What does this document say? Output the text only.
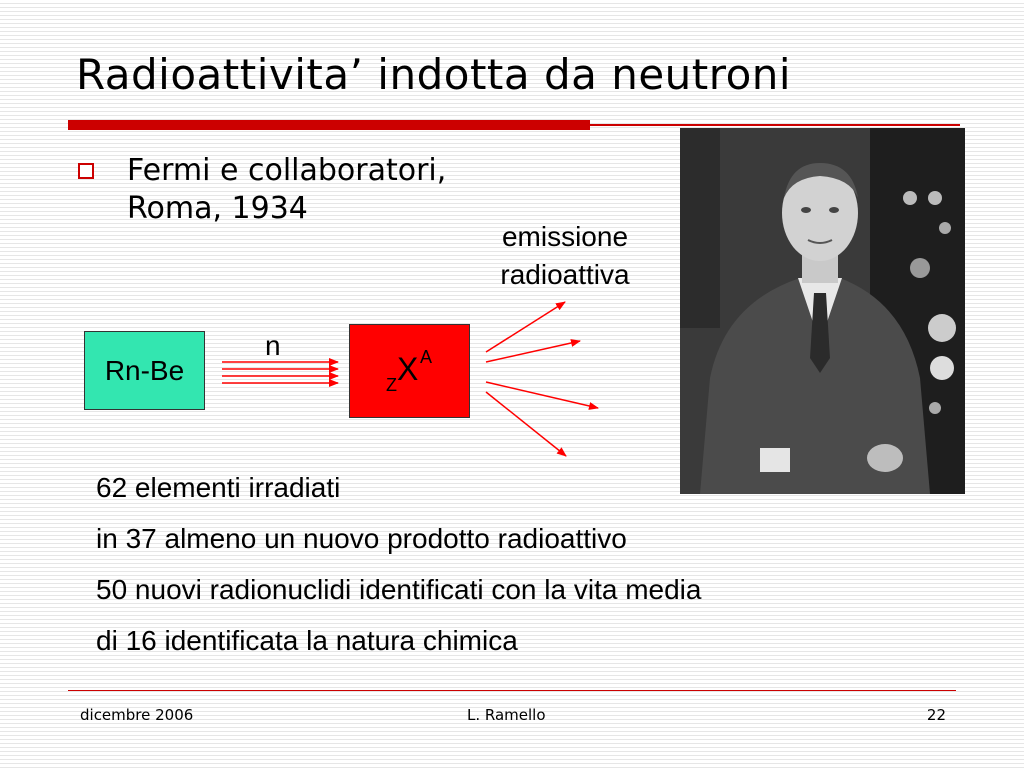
Radioattivita’ indotta da neutroni
Fermi e collaboratori,
Roma, 1934
emissione
radioattiva
Rn-Be
n
Z X A
62 elementi irradiati
in 37 almeno un nuovo prodotto radioattivo
50 nuovi radionuclidi identificati con la vita media
di 16 identificata la natura chimica
dicembre 2006	L. Ramello	22
